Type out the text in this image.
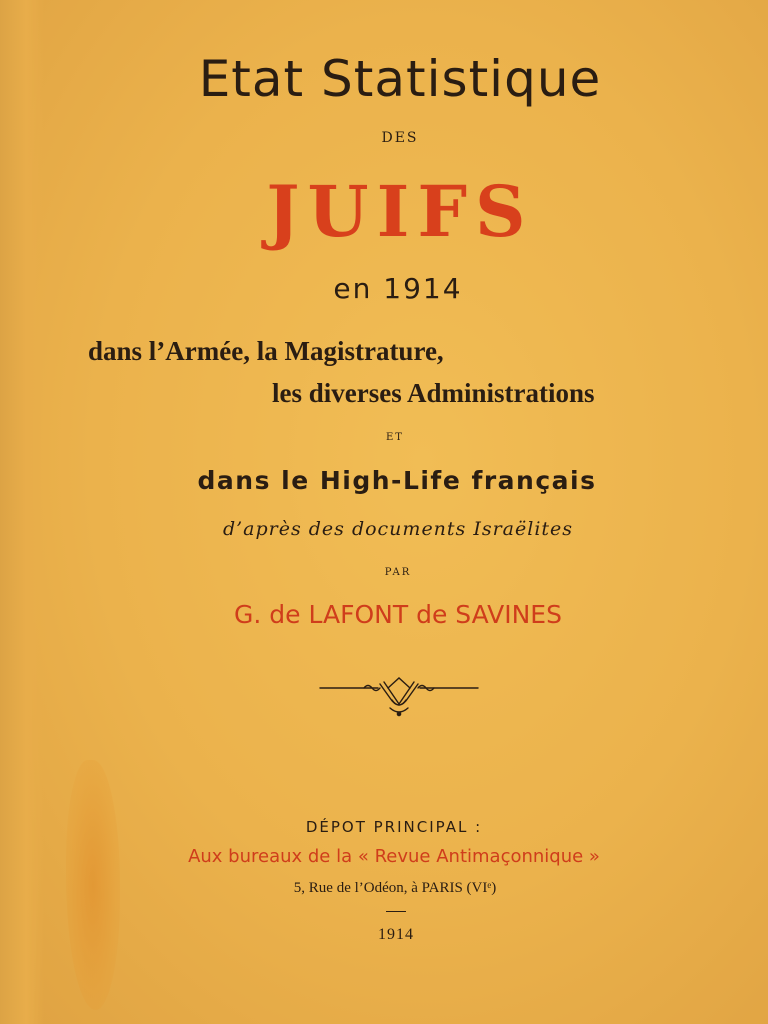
Etat Statistique
DES
JUIFS
en 1914
dans l’Armée, la Magistrature,
les diverses Administrations
ET
dans le High-Life français
d’après des documents Israëlites
PAR
G. de LAFONT de SAVINES
DÉPOT PRINCIPAL :
Aux bureaux de la « Revue Antimaçonnique »
5, Rue de l’Odéon, à PARIS (VIᵉ)
1914
